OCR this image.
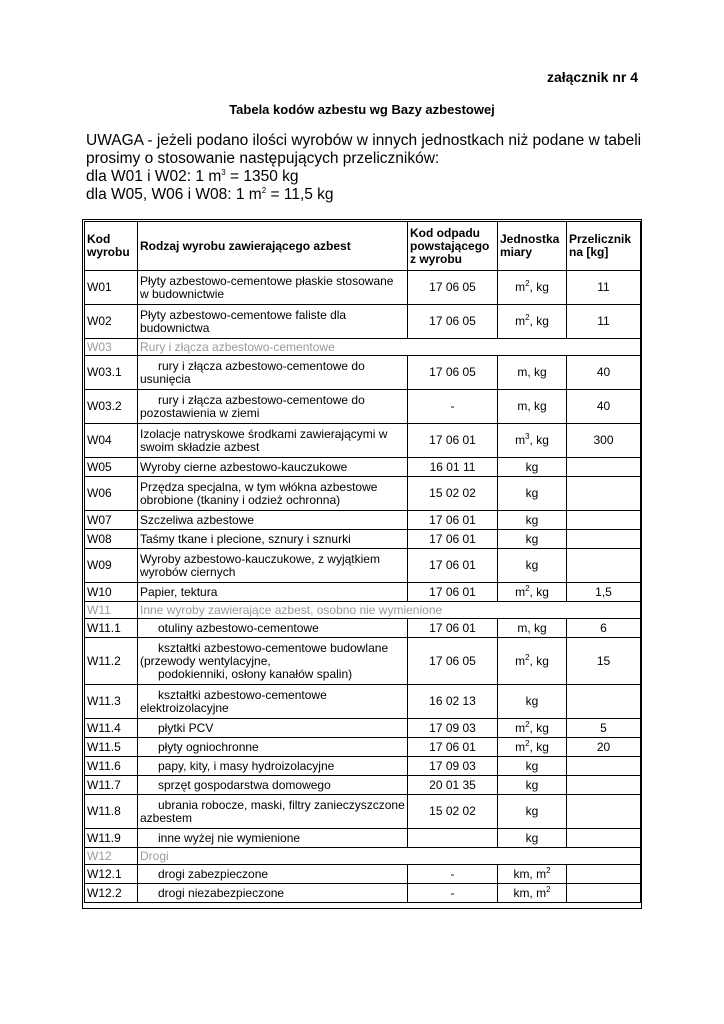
załącznik nr 4
Tabela kodów azbestu wg Bazy azbestowej
UWAGA - jeżeli podano ilości wyrobów w innych jednostkach niż podane w tabeli
prosimy o stosowanie następujących przeliczników:
dla W01 i W02: 1 $m^3 = 1350$ kg
dla W05, W06 i W08: 1 $m^2 = 11,5$ kg
Kod wyrobu	Rodzaj wyrobu zawierającego azbest	Kod odpadu powstającego z wyrobu	Jednostka miary	Przelicznik na [kg]
W01	Płyty azbestowo-cementowe płaskie stosowane w budownictwie	17 06 05	$m^2$, kg	11
W02	Płyty azbestowo-cementowe faliste dla budownictwa	17 06 05	$m^2$, kg	11
W03	Rury i złącza azbestowo-cementowe			
W03.1	rury i złącza azbestowo-cementowe do usunięcia	17 06 05	m, kg	40
W03.2	rury i złącza azbestowo-cementowe do pozostawienia w ziemi	-	m, kg	40
W04	Izolacje natryskowe środkami zawierającymi w swoim składzie azbest	17 06 01	$m^3$, kg	300
W05	Wyroby cierne azbestowo-kauczukowe	16 01 11	kg	
W06	Przędza specjalna, w tym włókna azbestowe obrobione (tkaniny i odzież ochronna)	15 02 02	kg	
W07	Szczeliwa azbestowe	17 06 01	kg	
W08	Taśmy tkane i plecione, sznury i sznurki	17 06 01	kg	
W09	Wyroby azbestowo-kauczukowe, z wyjątkiem wyrobów ciernych	17 06 01	kg	
W10	Papier, tektura	17 06 01	$m^2$, kg	1,5
W11	Inne wyroby zawierające azbest, osobno nie wymienione			
W11.1	otuliny azbestowo-cementowe	17 06 01	m, kg	6
W11.2	kształtki azbestowo-cementowe budowlane
(przewody wentylacyjne,
podokienniki, osłony kanałów spalin)	17 06 05	$m^2$, kg	15
W11.3	kształtki azbestowo-cementowe elektroizolacyjne	16 02 13	kg	
W11.4	płytki PCV	17 09 03	$m^2$, kg	5
W11.5	płyty ogniochronne	17 06 01	$m^2$, kg	20
W11.6	papy, kity, i masy hydroizolacyjne	17 09 03	kg	
W11.7	sprzęt gospodarstwa domowego	20 01 35	kg	
W11.8	ubrania robocze, maski, filtry zanieczyszczone azbestem	15 02 02	kg	
W11.9	inne wyżej nie wymienione		kg	
W12	Drogi			
W12.1	drogi zabezpieczone	-	km, $m^2$	
W12.2	drogi niezabezpieczone	-	km, $m^2$	
